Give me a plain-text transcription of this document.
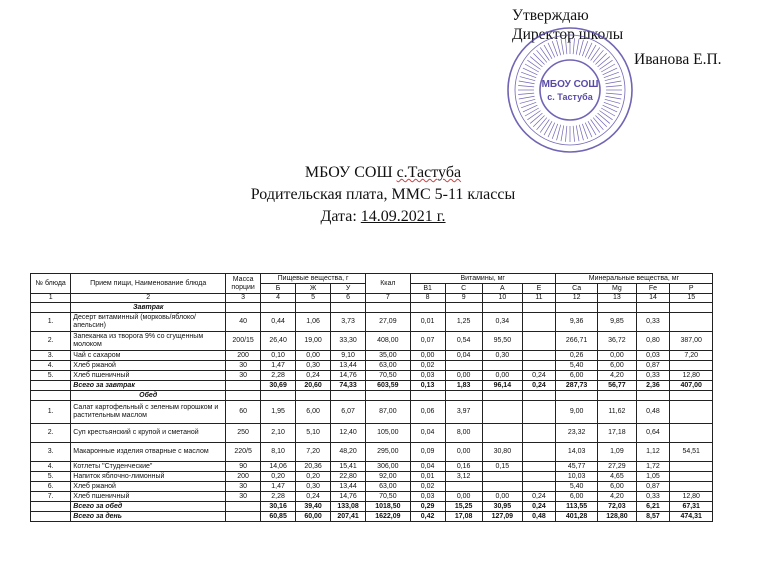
Утверждаю
Директор школы
Иванова Е.П.
МБОУ СОШ
с. Тастуба
МБОУ СОШ с.Тастуба
Родительская плата, ММС 5-11 классы
Дата: 14.09.2021 г.
№ блюда	Прием пищи, Наименование блюда	Масса порции	Пищевые вещества, г			Ккал	Витамины, мг				Минеральные вещества, мг			
			Б	Ж	У		B1	C	A	E	Ca	Mg	Fe	P
1	2	3	4	5	6	7	8	9	10	11	12	13	14	15
	Завтрак													
1.	Десерт витаминный (морковь/яблоко/апельсин)	40	0,44	1,06	3,73	27,09	0,01	1,25	0,34		9,36	9,85	0,33	
2.	Запеканка из творога 9% со сгущенным молоком	200/15	26,40	19,00	33,30	408,00	0,07	0,54	95,50		266,71	36,72	0,80	387,00
3.	Чай с сахаром	200	0,10	0,00	9,10	35,00	0,00	0,04	0,30		0,26	0,00	0,03	7,20
4.	Хлеб ржаной	30	1,47	0,30	13,44	63,00	0,02				5,40	6,00	0,87	
5.	Хлеб пшеничный	30	2,28	0,24	14,76	70,50	0,03	0,00	0,00	0,24	6,00	4,20	0,33	12,80
	Всего за завтрак		30,69	20,60	74,33	603,59	0,13	1,83	96,14	0,24	287,73	56,77	2,36	407,00
	Обед													
1.	Салат картофельный с зеленым горошком и растительным маслом	60	1,95	6,00	6,07	87,00	0,06	3,97			9,00	11,62	0,48	
2.	Суп крестьянский с крупой и сметаной	250	2,10	5,10	12,40	105,00	0,04	8,00			23,32	17,18	0,64	
3.	Макаронные изделия отварные с маслом	220/5	8,10	7,20	48,20	295,00	0,09	0,00	30,80		14,03	1,09	1,12	54,51
4.	Котлеты "Студенческие"	90	14,06	20,36	15,41	306,00	0,04	0,16	0,15		45,77	27,29	1,72	
5.	Напиток яблочно-лимонный	200	0,20	0,20	22,80	92,00	0,01	3,12			10,03	4,65	1,05	
6.	Хлеб ржаной	30	1,47	0,30	13,44	63,00	0,02				5,40	6,00	0,87	
7.	Хлеб пшеничный	30	2,28	0,24	14,76	70,50	0,03	0,00	0,00	0,24	6,00	4,20	0,33	12,80
	Всего за обед		30,16	39,40	133,08	1018,50	0,29	15,25	30,95	0,24	113,55	72,03	6,21	67,31
	Всего за день		60,85	60,00	207,41	1622,09	0,42	17,08	127,09	0,48	401,28	128,80	8,57	474,31
